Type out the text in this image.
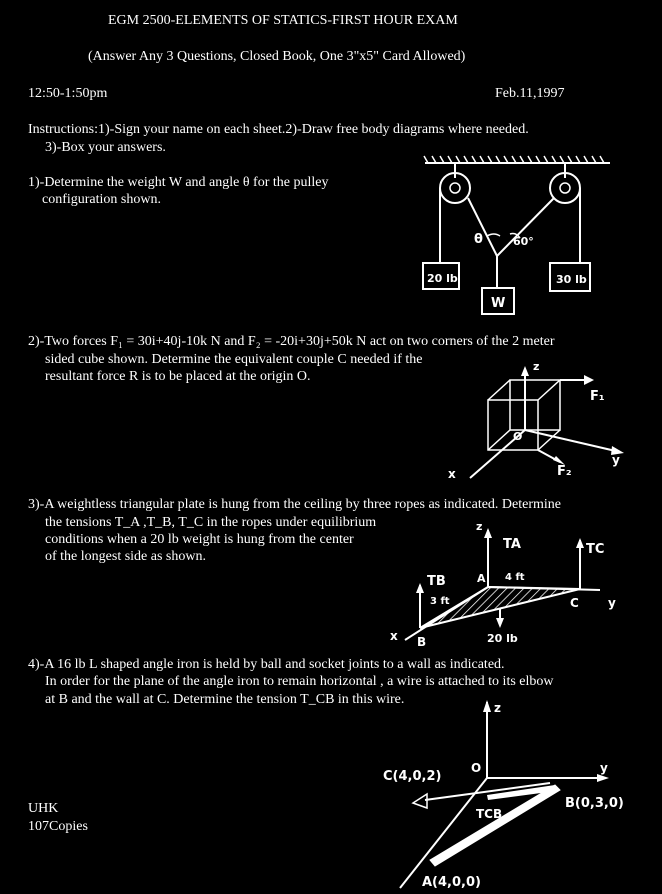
EGM 2500-ELEMENTS OF STATICS-FIRST HOUR EXAM
(Answer Any 3 Questions, Closed Book, One 3"x5" Card Allowed)
12:50-1:50pm	Feb.11,1997
Instructions:1)-Sign your name on each sheet.2)-Draw free body diagrams where needed.
3)-Box your answers.
1)-Determine the weight W and angle θ for the pulley
configuration shown.
θ	60°
20 lb	30 lb
W
2)-Two forces F₁ = 30i+40j-10k N and F₂ = -20i+30j+50k N act on two corners of the 2 meter
sided cube shown. Determine the equivalent couple C needed if the
resultant force R is to be placed at the origin O.
z
F₁
O
F₂
y
x
3)-A weightless triangular plate is hung from the ceiling by three ropes as indicated. Determine
the tensions T_A ,T_B, T_C in the ropes under equilibrium
conditions when a 20 lb weight is hung from the center
of the longest side as shown.
z
TA	TC
TB	A 4 ft
3 ft	C y
B
x	20 lb
4)-A 16 lb L shaped angle iron is held by ball and socket joints to a wall as indicated.
In order for the plane of the angle iron to remain horizontal , a wire is attached to its elbow
at B and the wall at C. Determine the tension T_CB in this wire.
z
O	y
C(4,0,2)
TCB
B(0,3,0)
A(4,0,0)
UHK
107Copies
